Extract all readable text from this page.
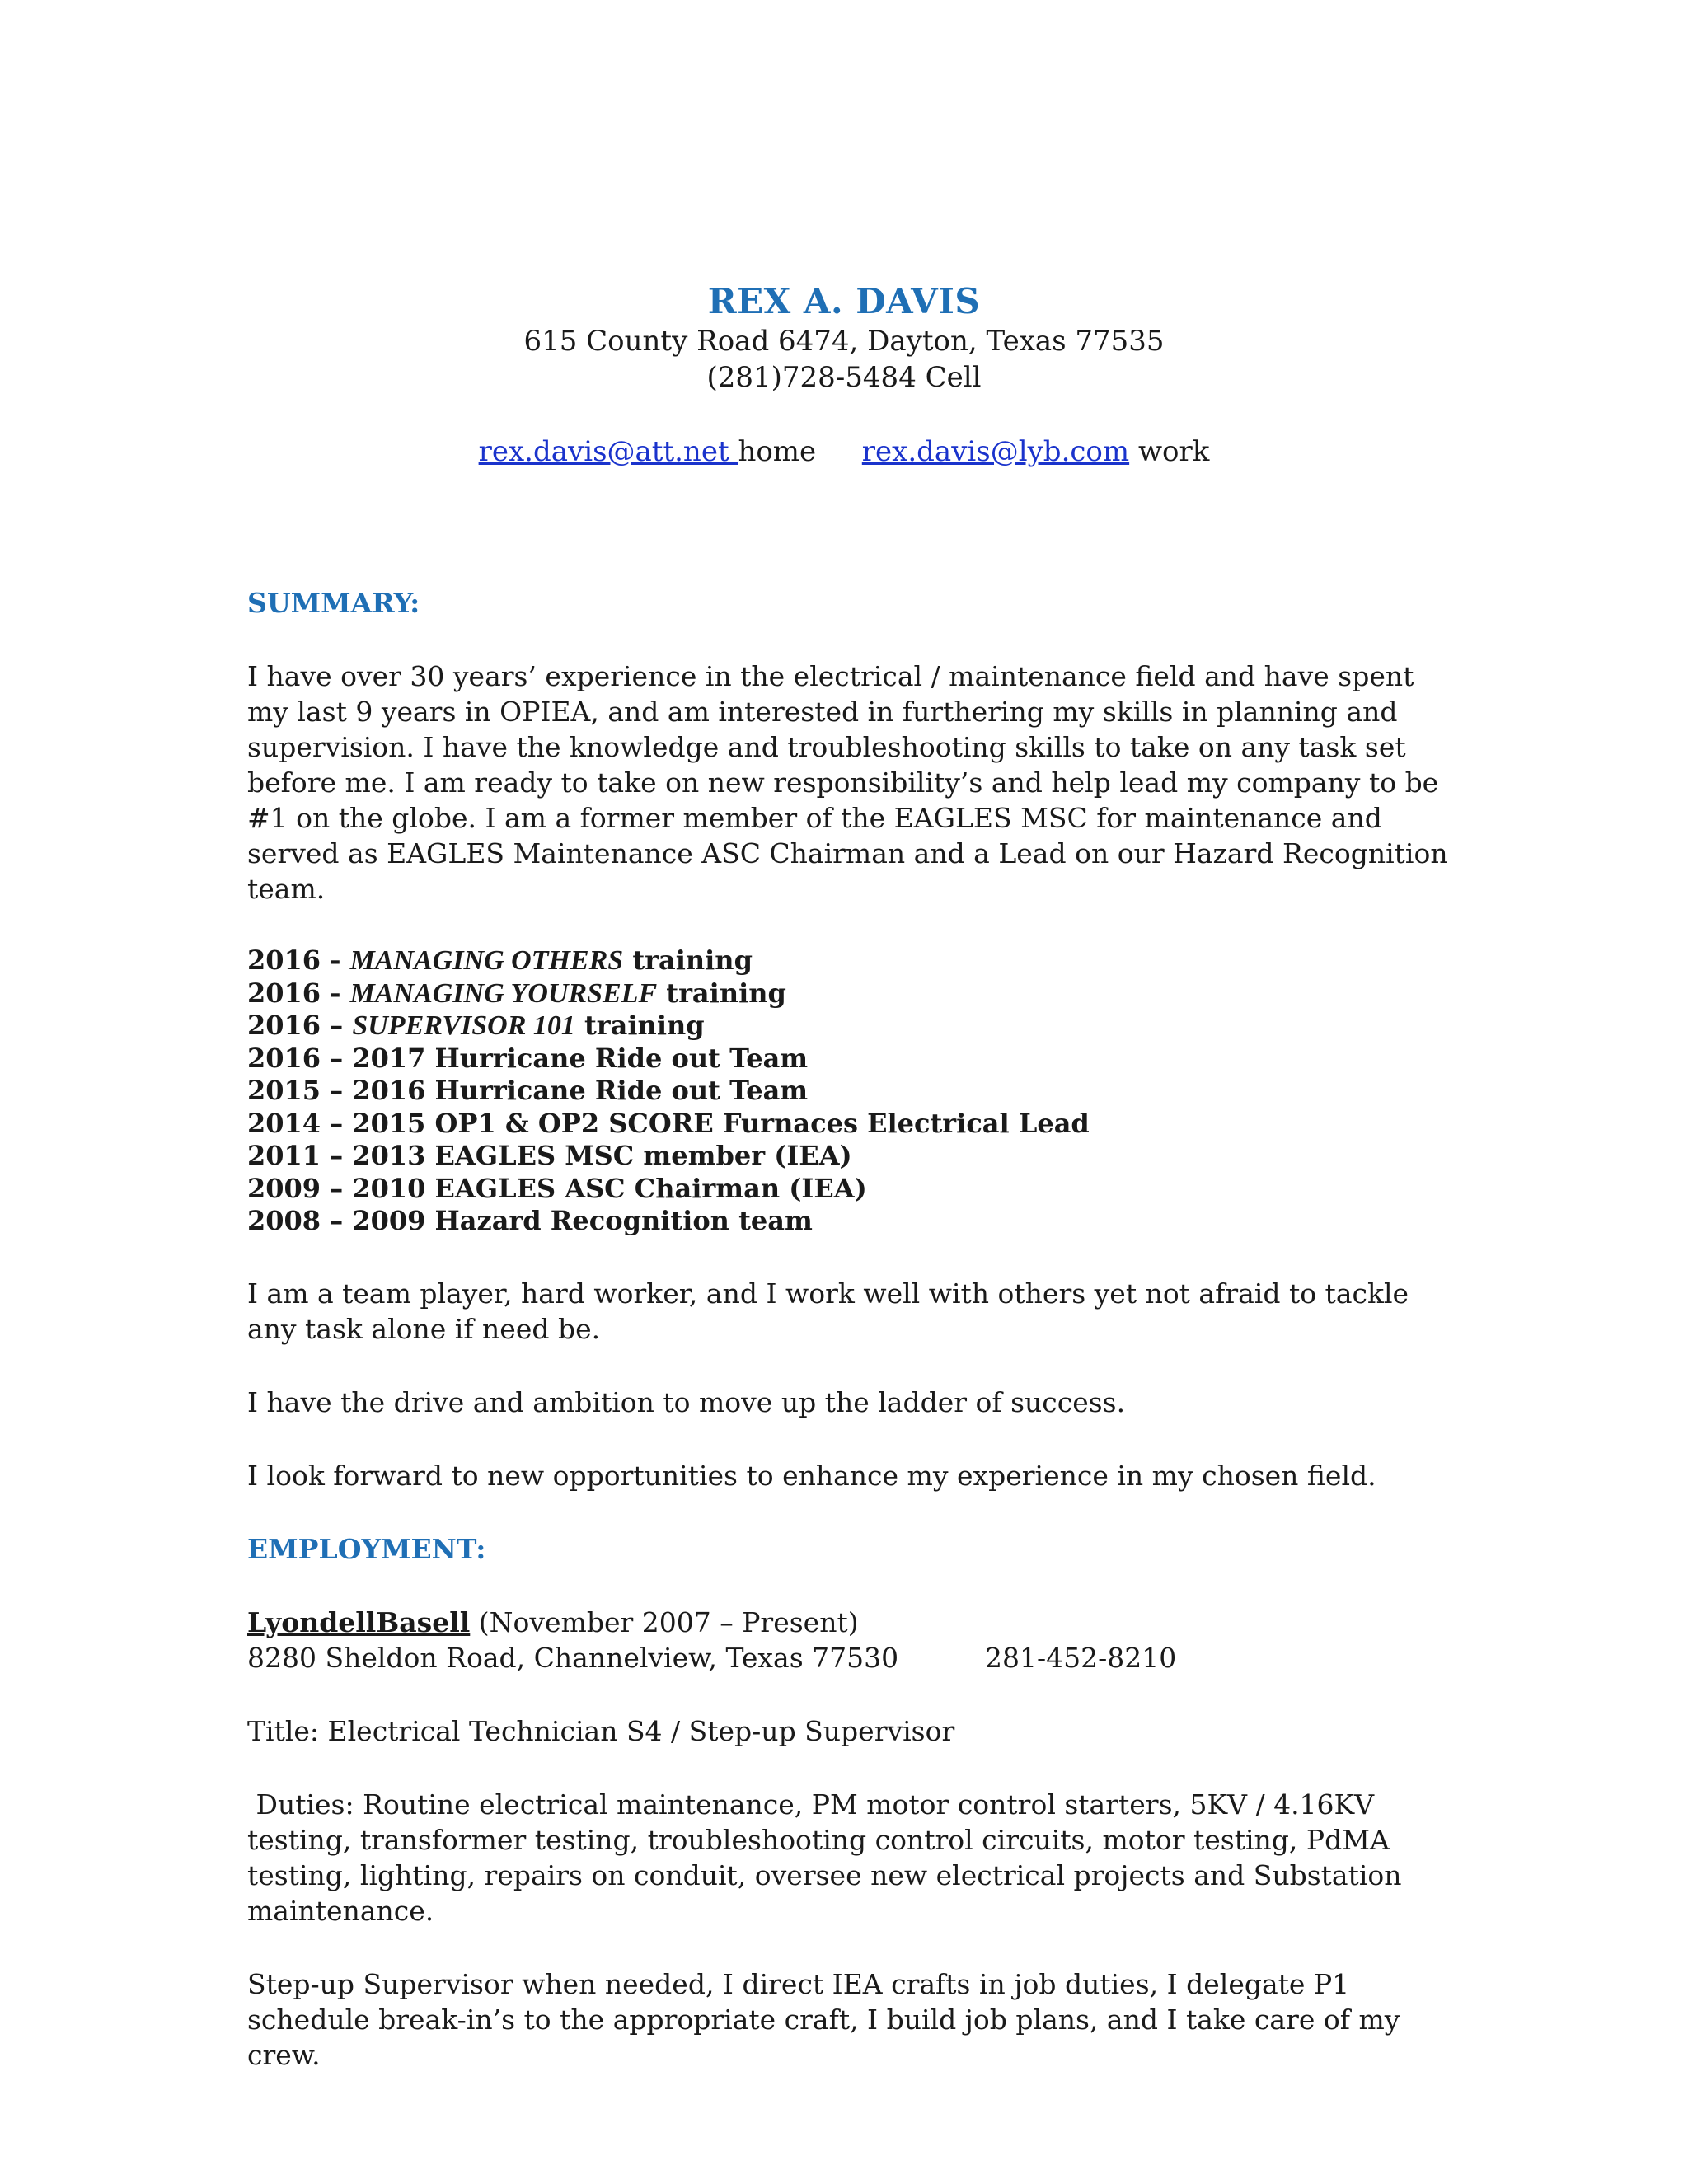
REX A. DAVIS
615 County Road 6474, Dayton, Texas 77535
(281)728-5484 Cell
rex.davis@att.net home rex.davis@lyb.com work
SUMMARY:

I have over 30 years’ experience in the electrical / maintenance field and have spent my last 9 years in OPIEA, and am interested in furthering my skills in planning and supervision. I have the knowledge and troubleshooting skills to take on any task set before me. I am ready to take on new responsibility’s and help lead my company to be #1 on the globe. I am a former member of the EAGLES MSC for maintenance and served as EAGLES Maintenance ASC Chairman and a Lead on our Hazard Recognition team.

2016 - MANAGING OTHERS training
2016 - MANAGING YOURSELF training
2016 – SUPERVISOR 101 training
2016 – 2017 Hurricane Ride out Team
2015 – 2016 Hurricane Ride out Team
2014 – 2015 OP1 & OP2 SCORE Furnaces Electrical Lead
2011 – 2013 EAGLES MSC member (IEA)
2009 – 2010 EAGLES ASC Chairman (IEA)
2008 – 2009 Hazard Recognition team

I am a team player, hard worker, and I work well with others yet not afraid to tackle any task alone if need be.

I have the drive and ambition to move up the ladder of success.

I look forward to new opportunities to enhance my experience in my chosen field.

EMPLOYMENT:
LyondellBasell (November 2007 – Present)
8280 Sheldon Road, Channelview, Texas 77530	281-452-8210

Title: Electrical Technician S4 / Step-up Supervisor

Duties: Routine electrical maintenance, PM motor control starters, 5KV / 4.16KV testing, transformer testing, troubleshooting control circuits, motor testing, PdMA testing, lighting, repairs on conduit, oversee new electrical projects and Substation maintenance.

Step-up Supervisor when needed, I direct IEA crafts in job duties, I delegate P1 schedule break-in’s to the appropriate craft, I build job plans, and I take care of my crew.
